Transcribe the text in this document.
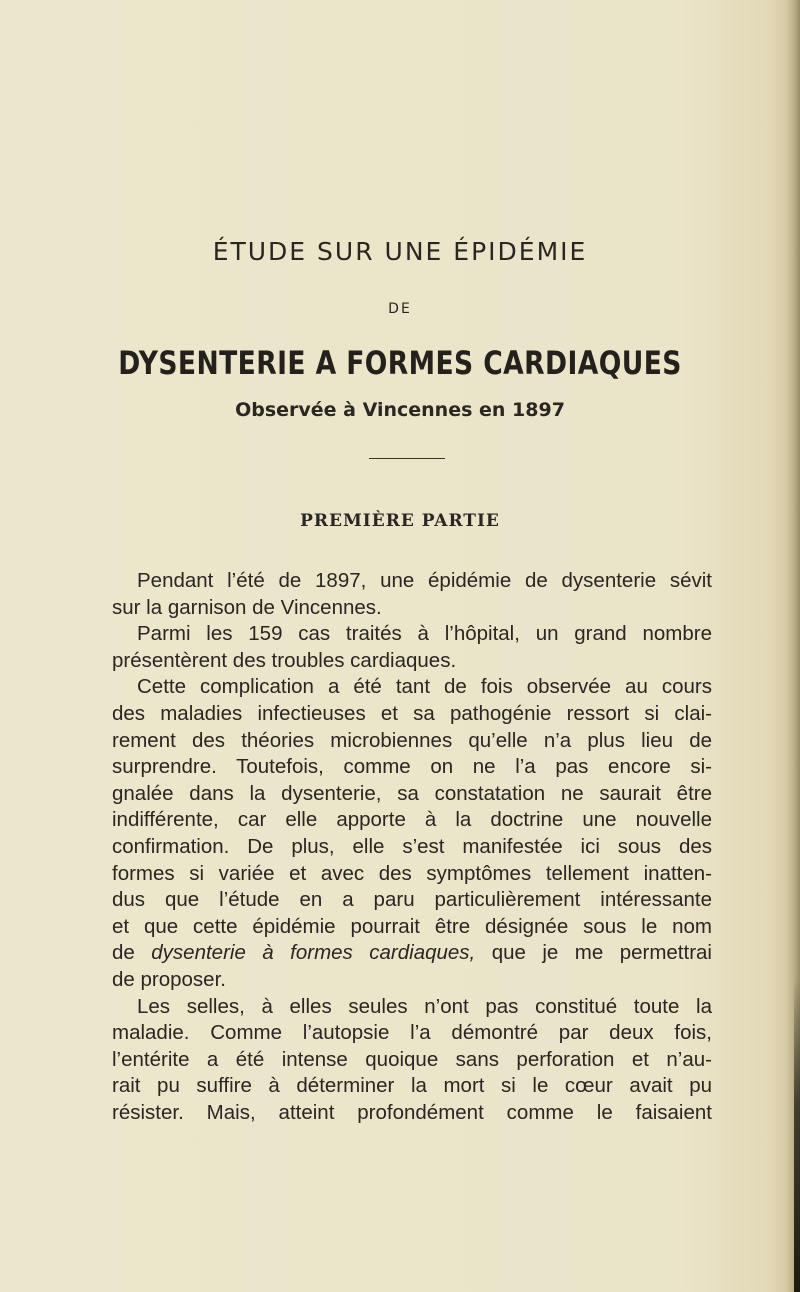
ÉTUDE SUR UNE ÉPIDÉMIE
DE
DYSENTERIE A FORMES CARDIAQUES
Observée à Vincennes en 1897
PREMIÈRE PARTIE
Pendant l’été de 1897, une épidémie de dysenterie sévit
sur la garnison de Vincennes.
Parmi les 159 cas traités à l’hôpital, un grand nombre
présentèrent des troubles cardiaques.
Cette complication a été tant de fois observée au cours
des maladies infectieuses et sa pathogénie ressort si clai-
rement des théories microbiennes qu’elle n’a plus lieu de
surprendre. Toutefois, comme on ne l’a pas encore si-
gnalée dans la dysenterie, sa constatation ne saurait être
indifférente, car elle apporte à la doctrine une nouvelle
confirmation. De plus, elle s’est manifestée ici sous des
formes si variée et avec des symptômes tellement inatten-
dus que l’étude en a paru particulièrement intéressante
et que cette épidémie pourrait être désignée sous le nom
de dysenterie à formes cardiaques, que je me permettrai
de proposer.
Les selles, à elles seules n’ont pas constitué toute la
maladie. Comme l’autopsie l’a démontré par deux fois,
l’entérite a été intense quoique sans perforation et n’au-
rait pu suffire à déterminer la mort si le cœur avait pu
résister. Mais, atteint profondément comme le faisaient
